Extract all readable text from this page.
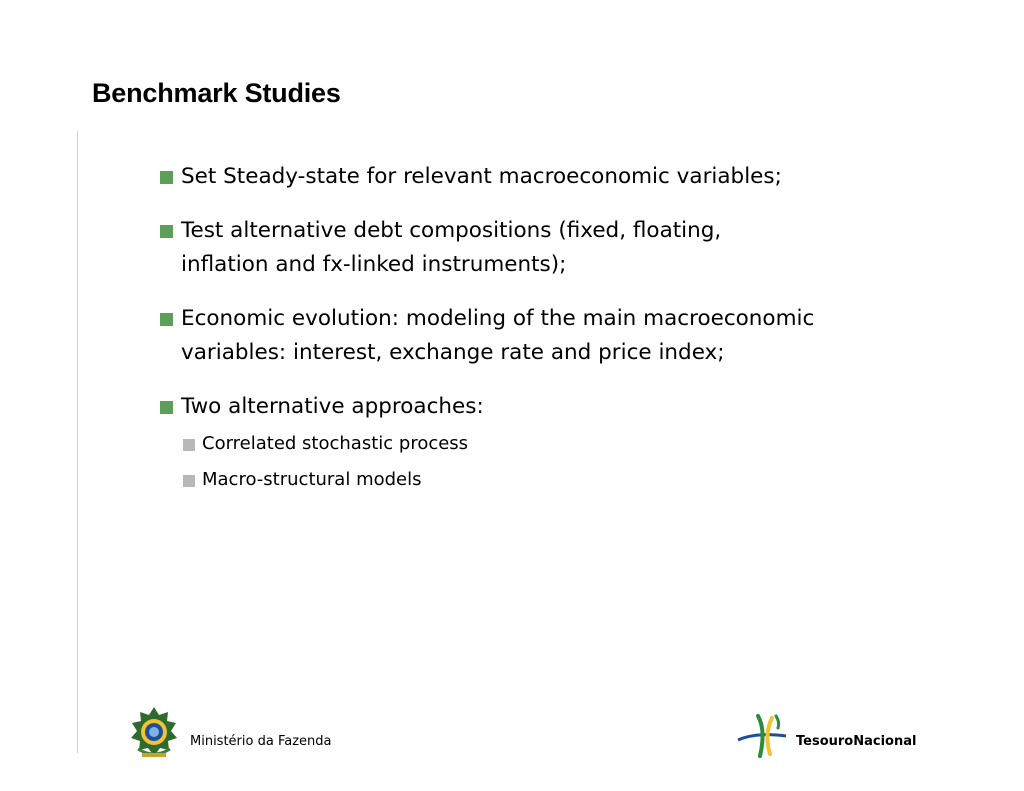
Benchmark Studies
Set Steady-state for relevant macroeconomic variables;
Test alternative debt compositions (fixed, floating, inflation and fx-linked instruments);
Economic evolution: modeling of the main macroeconomic variables: interest, exchange rate and price index;
Two alternative approaches:
Correlated stochastic process
Macro-structural models
Ministério da Fazenda	TesouroNacional
